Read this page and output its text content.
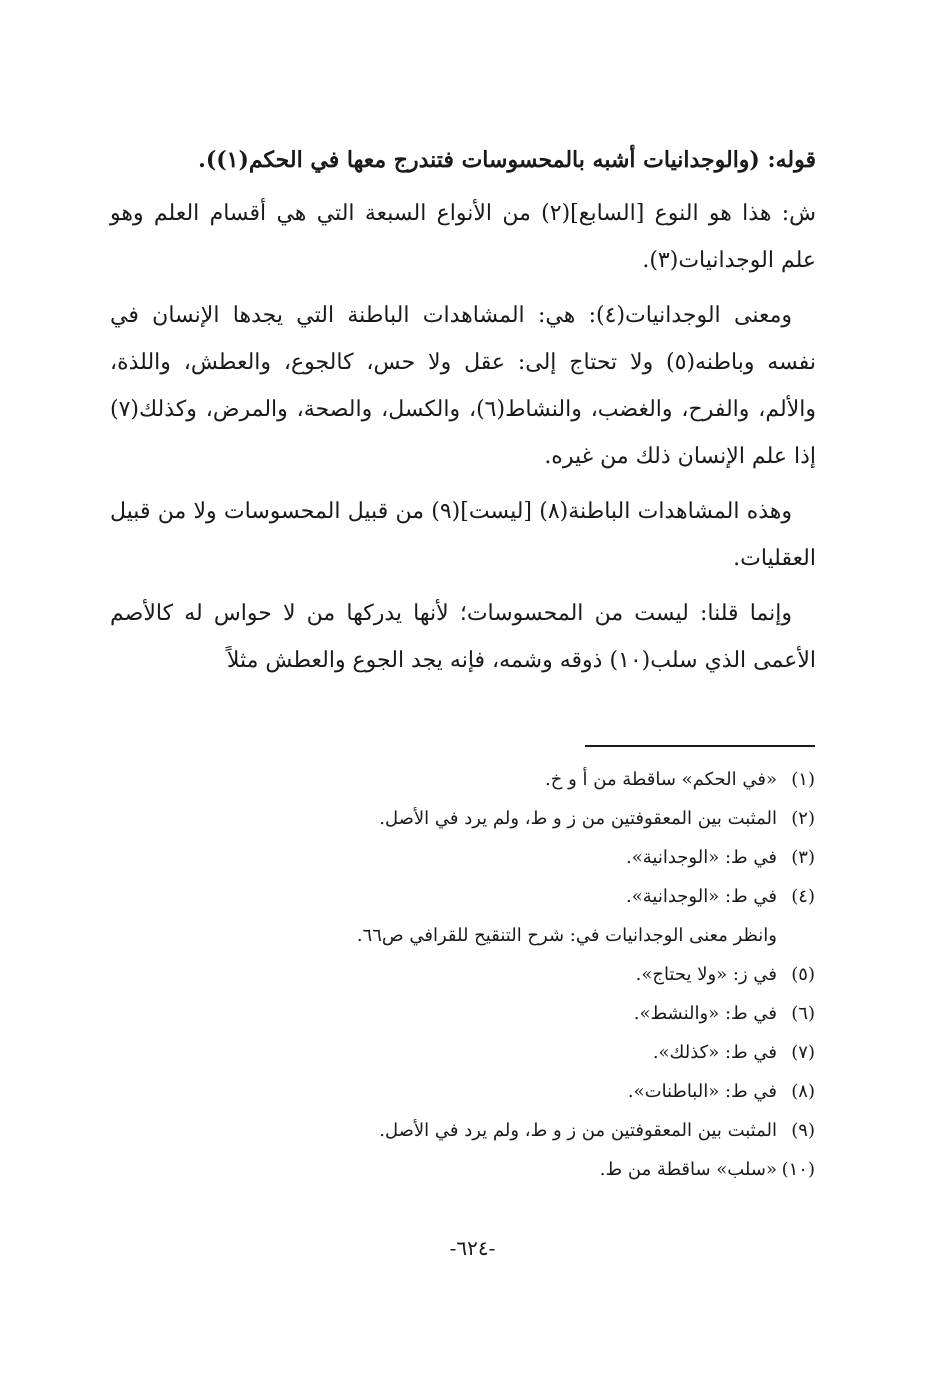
قوله: (والوجدانيات أشبه بالمحسوسات فتندرج معها في الحكم(١)).

ش: هذا هو النوع [السابع](٢) من الأنواع السبعة التي هي أقسام العلم وهو علم الوجدانيات(٣).

ومعنى الوجدانيات(٤): هي: المشاهدات الباطنة التي يجدها الإنسان في نفسه وباطنه(٥) ولا تحتاج إلى: عقل ولا حس، كالجوع، والعطش، واللذة، والألم، والفرح، والغضب، والنشاط(٦)، والكسل، والصحة، والمرض، وكذلك(٧) إذا علم الإنسان ذلك من غيره.

وهذه المشاهدات الباطنة(٨) [ليست](٩) من قبيل المحسوسات ولا من قبيل العقليات.

وإنما قلنا: ليست من المحسوسات؛ لأنها يدركها من لا حواس له كالأصم الأعمى الذي سلب(١٠) ذوقه وشمه، فإنه يجد الجوع والعطش مثلاً

(١)«في الحكم» ساقطة من أ و خ.

(٢)المثبت بين المعقوفتين من ز و ط، ولم يرد في الأصل.

(٣)في ط: «الوجدانية».

(٤)في ط: «الوجدانية».

وانظر معنى الوجدانيات في: شرح التنقيح للقرافي ص٦٦.

(٥)في ز: «ولا يحتاج».

(٦)في ط: «والنشط».

(٧)في ط: «كذلك».

(٨)في ط: «الباطنات».

(٩)المثبت بين المعقوفتين من ز و ط، ولم يرد في الأصل.

(١٠)«سلب» ساقطة من ط.

-٦٢٤-
